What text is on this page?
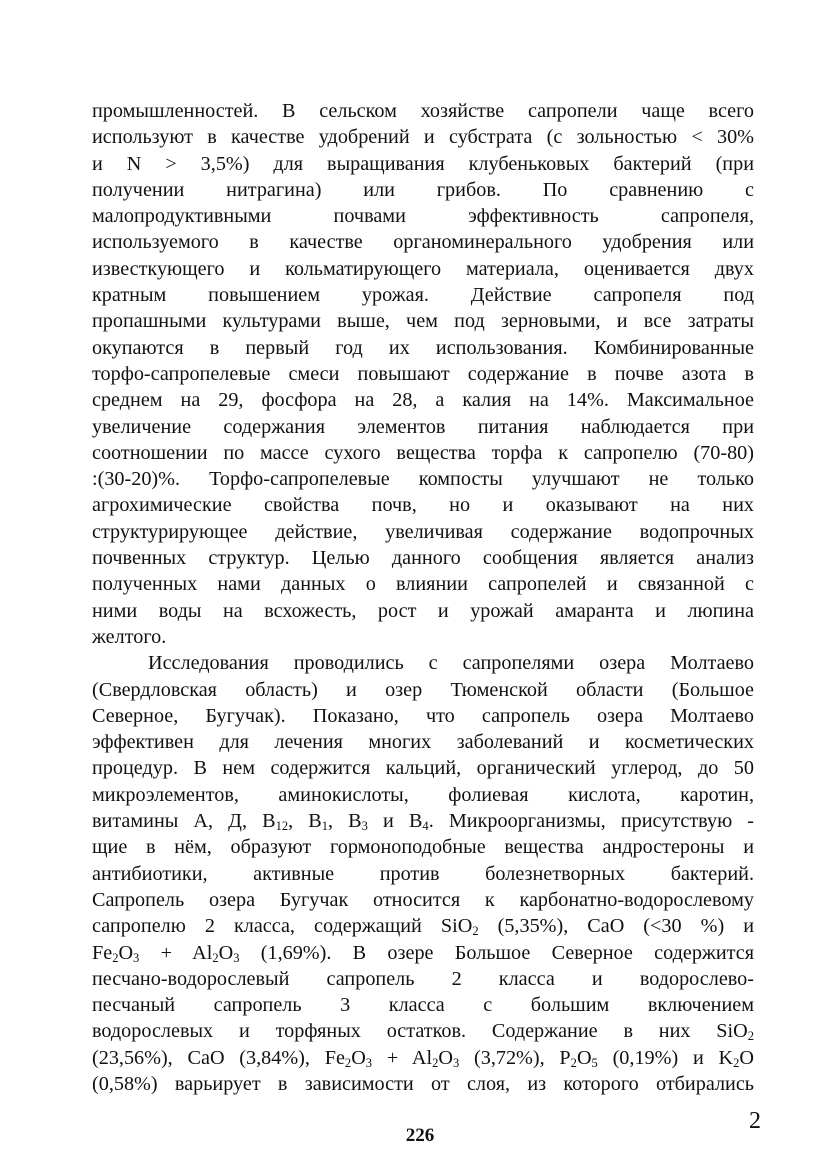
промышленностей. В сельском хозяйстве сапропели чаще всего
используют в качестве удобрений и субстрата (с зольностью < 30%
и N > 3,5%) для выращивания клубеньковых бактерий (при
получении нитрагина) или грибов. По сравнению с
малопродуктивными почвами эффективность сапропеля,
используемого в качестве органоминерального удобрения или
известкующего и кольматирующего материала, оценивается двух
кратным повышением урожая. Действие сапропеля под
пропашными культурами выше, чем под зерновыми, и все затраты
окупаются в первый год их использования. Комбинированные
торфо-сапропелевые смеси повышают содержание в почве азота в
среднем на 29, фосфора на 28, а калия на 14%. Максимальное
увеличение содержания элементов питания наблюдается при
соотношении по массе сухого вещества торфа к сапропелю (70-80)
:(30-20)%. Торфо-сапропелевые компосты улучшают не только
агрохимические свойства почв, но и оказывают на них
структурирующее действие, увеличивая содержание водопрочных
почвенных структур. Целью данного сообщения является анализ
полученных нами данных о влиянии сапропелей и связанной с
ними воды на всхожесть, рост и урожай амаранта и люпина
желтого.
Исследования проводились с сапропелями озера Молтаево
(Свердловская область) и озер Тюменской области (Большое
Северное, Бугучак). Показано, что сапропель озера Молтаево
эффективен для лечения многих заболеваний и косметических
процедур. В нем содержится кальций, органический углерод, до 50
микроэлементов, аминокислоты, фолиевая кислота, каротин,
витамины А, Д, $В_{12}$, $В_1$, $В_3$ и $В_4$. Микроорганизмы, присутствую -
щие в нём, образуют гормоноподобные вещества андростероны и
антибиотики, активные против болезнетворных бактерий.
Сапропель озера Бугучак относится к карбонатно-водорослевому
сапропелю 2 класса, содержащий SiO$_2$ (5,35%), CaO (<30 %) и
$Fe_2O_3 + Al_2O_3$ (1,69%). В озере Большое Северное содержится
песчано-водорослевый сапропель 2 класса и водорослево-
песчаный сапропель 3 класса с большим включением
водорослевых и торфяных остатков. Содержание в них SiO$_2$
(23,56%), CaO (3,84%), $Fe_2O_3 + Al_2O_3$ (3,72%), $P_2O_5$ (0,19%) и $K_2O$
(0,58%) варьирует в зависимости от слоя, из которого отбирались
226
2
